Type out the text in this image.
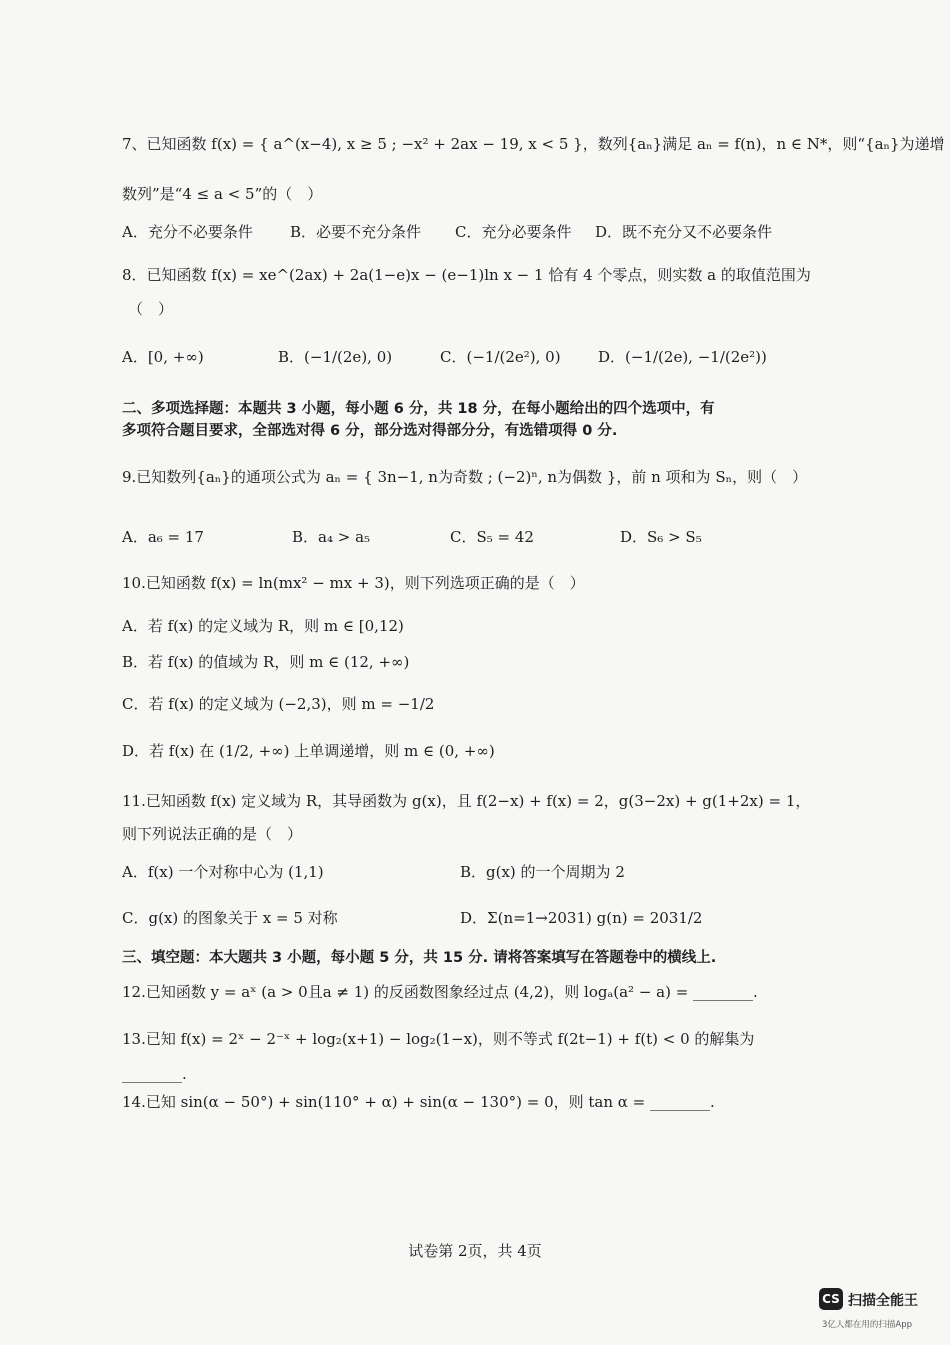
7、已知函数 f(x) = { a^(x−4), x ≥ 5 ; −x² + 2ax − 19, x < 5 }，数列{aₙ}满足 aₙ = f(n)，n ∈ N*，则“{aₙ}为递增
数列”是“4 ≤ a < 5”的（　）
A．充分不必要条件 B．必要不充分条件 C．充分必要条件 D．既不充分又不必要条件
8．已知函数 f(x) = xe^(2ax) + 2a(1−e)x − (e−1)ln x − 1 恰有 4 个零点，则实数 a 的取值范围为
（　）
A．[0, +∞)	B．(−1/(2e), 0)	C．(−1/(2e²), 0) D．(−1/(2e), −1/(2e²))
二、多项选择题：本题共 3 小题，每小题 6 分，共 18 分，在每小题给出的四个选项中，有
多项符合题目要求，全部选对得 6 分，部分选对得部分分，有选错项得 0 分.
9.已知数列{aₙ}的通项公式为 aₙ = { 3n−1, n为奇数 ; (−2)ⁿ, n为偶数 }，前 n 项和为 Sₙ，则（　）
A．a₆ = 17	B．a₄ > a₅	C．S₅ = 42	D．S₆ > S₅
10.已知函数 f(x) = ln(mx² − mx + 3)，则下列选项正确的是（　）
A．若 f(x) 的定义域为 R，则 m ∈ [0,12)
B．若 f(x) 的值域为 R，则 m ∈ (12, +∞)
C．若 f(x) 的定义域为 (−2,3)，则 m = −1/2
D．若 f(x) 在 (1/2, +∞) 上单调递增，则 m ∈ (0, +∞)
11.已知函数 f(x) 定义域为 R，其导函数为 g(x)，且 f(2−x) + f(x) = 2，g(3−2x) + g(1+2x) = 1，
则下列说法正确的是（　）
A．f(x) 一个对称中心为 (1,1)	B．g(x) 的一个周期为 2
C．g(x) 的图象关于 x = 5 对称	D．Σ(n=1→2031) g(n) = 2031/2
三、填空题：本大题共 3 小题，每小题 5 分，共 15 分. 请将答案填写在答题卷中的横线上.
12.已知函数 y = aˣ (a > 0且a ≠ 1) 的反函数图象经过点 (4,2)，则 logₐ(a² − a) = ________.
13.已知 f(x) = 2ˣ − 2⁻ˣ + log₂(x+1) − log₂(1−x)，则不等式 f(2t−1) + f(t) < 0 的解集为
________.
14.已知 sin(α − 50°) + sin(110° + α) + sin(α − 130°) = 0，则 tan α = ________.
试卷第 2页，共 4页
CS 扫描全能王
3亿人都在用的扫描App
